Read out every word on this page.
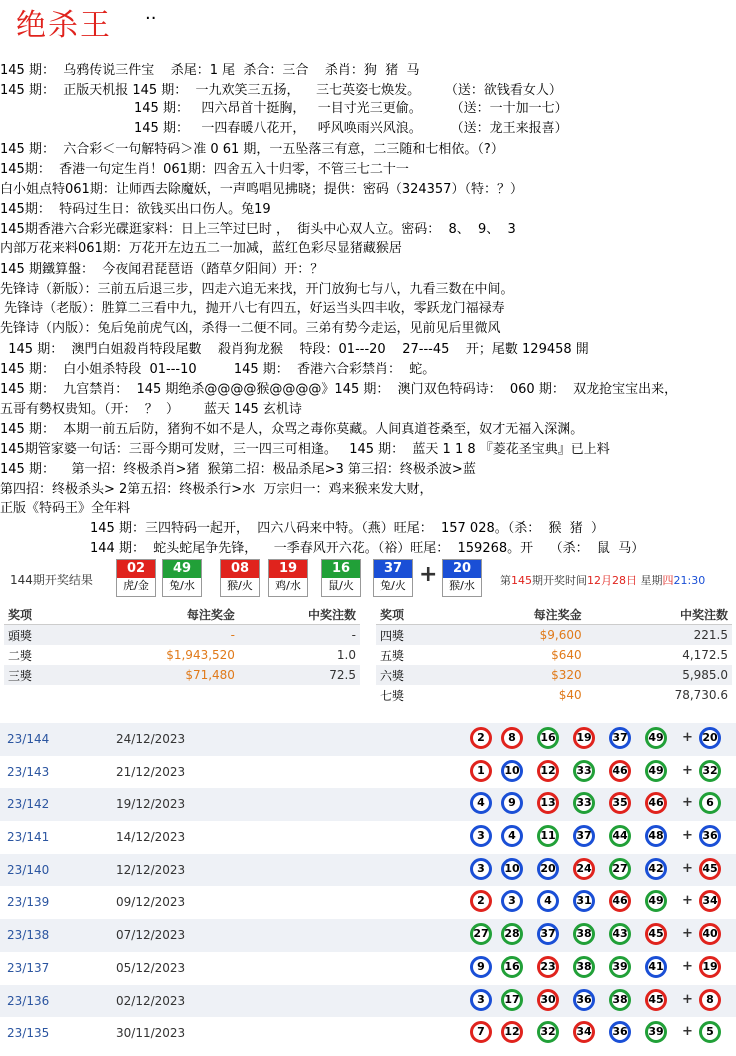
绝杀王 ··
145 期：  乌鸦传说三件宝    杀尾：1 尾  杀合：三合    杀肖：狗  猪  马
145 期：  正版天机报 145 期：  一九欢笑三五扬，    三七英姿七焕发。      （送：欲钱看女人）
145 期：   四六昂首十挺胸，   一目寸光三更偷。       （送：一十加一七）
145 期：   一四春暖八花开，   呼风唤雨兴风浪。       （送：龙王来报喜）
145 期：  六合彩＜一句解特码＞准 0 61 期，一五坠落三有意，二三随和七相依。（?）
145期：  香港一句定生肖！061期：四舍五入十归零，不管三七二十一
白小姐点特061期：让师西去除魔妖，一声鸣唱见拂晓；提供：密码（324357）（特：？）
145期：  特码过生日：欲钱买出口伤人。兔19
145期香港六合彩光碟逛家料：日上三竿过巳时 ，  街头中心双人立。密码：  8、  9、  3
内部万花来料061期：万花开左边五二一加减，蓝红色彩尽显猪藏猴居
145 期鐵算盤：  今夜闻君琵琶语（踏草夕阳间）开：？
先锋诗（新版）：三前五后退三步，四走六追无来找，开门放狗七与八，九看三数在中间。
先锋诗（老版）：胜算二三看中九，抛开八七有四五，好运当头四丰收，零跃龙门福禄寿
先锋诗（内版）：兔后兔前虎气凶，杀得一二便不同。三弟有势今走运，见前见后里微风
145 期：  澳門白姐殺肖特段尾數    殺肖狗龙猴    特段：01---20    27---45    开；尾數 129458 開
145 期：  白小姐杀特段  01---10         145 期：  香港六合彩禁肖：  蛇。
145 期：  九宫禁肖：  145 期绝杀@@@@猴@@@@》145 期：  澳门双色特码诗：  060 期：  双龙抢宝宝出来，
五哥有勢权贵知。（开：  ？  ）      蓝天 145 玄机诗
145 期：  本期一前五后防，猪狗不如不是人，众骂之毒你莫藏。人间真道苍桑至，奴才无福入深渊。
145期管家婆一句话：三哥今期可发财，三一四三可相逢。   145 期：  蓝天 1 1 8 『菱花圣宝典』已上料
145 期：    第一招：终极杀肖>猪  猴第二招：极品杀尾>3 第三招：终极杀波>蓝
第四招：终极杀头> 2第五招：终极杀行>水  万宗归一：鸡来猴来发大财，
正版《特码王》全年料
145 期：三四特码一起开，  四六八码来中特。（燕）旺尾：  157 028。（杀：  猴  猪  ）
144 期：  蛇头蛇尾争先锋，    一季春风开六花。（裕）旺尾：  159268。开    （杀：  鼠  马）
144期开奖结果
02
虎/金
49
兔/水
08
猴/火
19
鸡/水
16
鼠/火
37
兔/火
20
猴/水
+	第145期开奖时间12月28日 星期四21:30
奖项	每注奖金	中奖注数
頭獎	-	-
二獎	$1,943,520	1.0
三獎	$71,480	72.5
奖项	每注奖金	中奖注数
四獎	$9,600	221.5
五獎	$640	4,172.5
六獎	$320	5,985.0
七獎	$40	78,730.6
23/144	24/12/2023	2	8	16	19	37	49 + 20
23/143	21/12/2023	1	10	12	33	46	49 + 32
23/142	19/12/2023	4	9	13	33	35	46 +	6
23/141	14/12/2023	3	4	11	37	44	48 + 36
23/140	12/12/2023	3	10	20	24	27	42 + 45
23/139	09/12/2023	2	3	4	31	46	49 + 34
23/138	07/12/2023	27	28	37	38	43	45 + 40
23/137	05/12/2023	9	16	23	38	39	41 + 19
23/136	02/12/2023	3	17	30	36	38	45 +	8
23/135	30/11/2023	7	12	32	34	36	39 +	5
